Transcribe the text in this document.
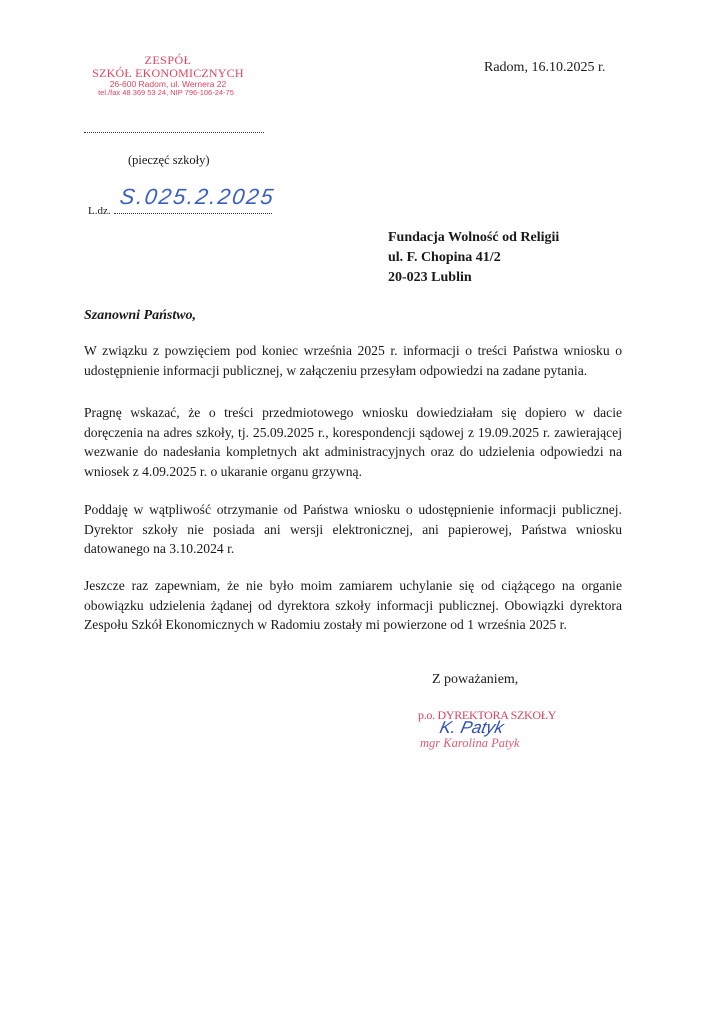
ZESPÓŁ
SZKÓŁ EKONOMICZNYCH
26-600 Radom, ul. Wernera 22
tel./fax 48 369 53 24, NIP 796-106-24-75
(pieczęć szkoły)
L.dz.
S.025.2.2025
Radom, 16.10.2025 r.
Fundacja Wolność od Religii
ul. F. Chopina 41/2
20-023 Lublin
Szanowni Państwo,
W związku z powzięciem pod koniec września 2025 r. informacji o treści Państwa wniosku o udostępnienie informacji publicznej, w załączeniu przesyłam odpowiedzi na zadane pytania.
Pragnę wskazać, że o treści przedmiotowego wniosku dowiedziałam się dopiero w dacie doręczenia na adres szkoły, tj. 25.09.2025 r., korespondencji sądowej z 19.09.2025 r. zawierającej wezwanie do nadesłania kompletnych akt administracyjnych oraz do udzielenia odpowiedzi na wniosek z 4.09.2025 r. o ukaranie organu grzywną.
Poddaję w wątpliwość otrzymanie od Państwa wniosku o udostępnienie informacji publicznej. Dyrektor szkoły nie posiada ani wersji elektronicznej, ani papierowej, Państwa wniosku datowanego na 3.10.2024 r.
Jeszcze raz zapewniam, że nie było moim zamiarem uchylanie się od ciążącego na organie obowiązku udzielenia żądanej od dyrektora szkoły informacji publicznej. Obowiązki dyrektora Zespołu Szkół Ekonomicznych w Radomiu zostały mi powierzone od 1 września 2025 r.
Z poważaniem,
p.o. DYREKTORA SZKOŁY
K. Patyk
mgr Karolina Patyk
